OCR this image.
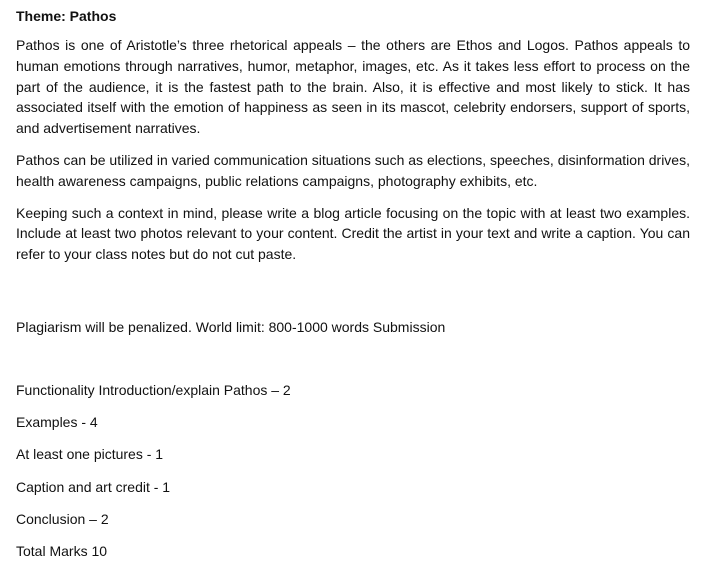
Theme: Pathos

Pathos is one of Aristotle’s three rhetorical appeals – the others are Ethos and Logos. Pathos appeals to human emotions through narratives, humor, metaphor, images, etc. As it takes less effort to process on the part of the audience, it is the fastest path to the brain. Also, it is effective and most likely to stick. It has associated itself with the emotion of happiness as seen in its mascot, celebrity endorsers, support of sports, and advertisement narratives.

Pathos can be utilized in varied communication situations such as elections, speeches, disinformation drives, health awareness campaigns, public relations campaigns, photography exhibits, etc.

Keeping such a context in mind, please write a blog article focusing on the topic with at least two examples. Include at least two photos relevant to your content. Credit the artist in your text and write a caption. You can refer to your class notes but do not cut paste.

Plagiarism will be penalized. World limit: 800-1000 words Submission

Functionality Introduction/explain Pathos – 2

Examples - 4

At least one pictures - 1

Caption and art credit - 1

Conclusion – 2

Total Marks 10
